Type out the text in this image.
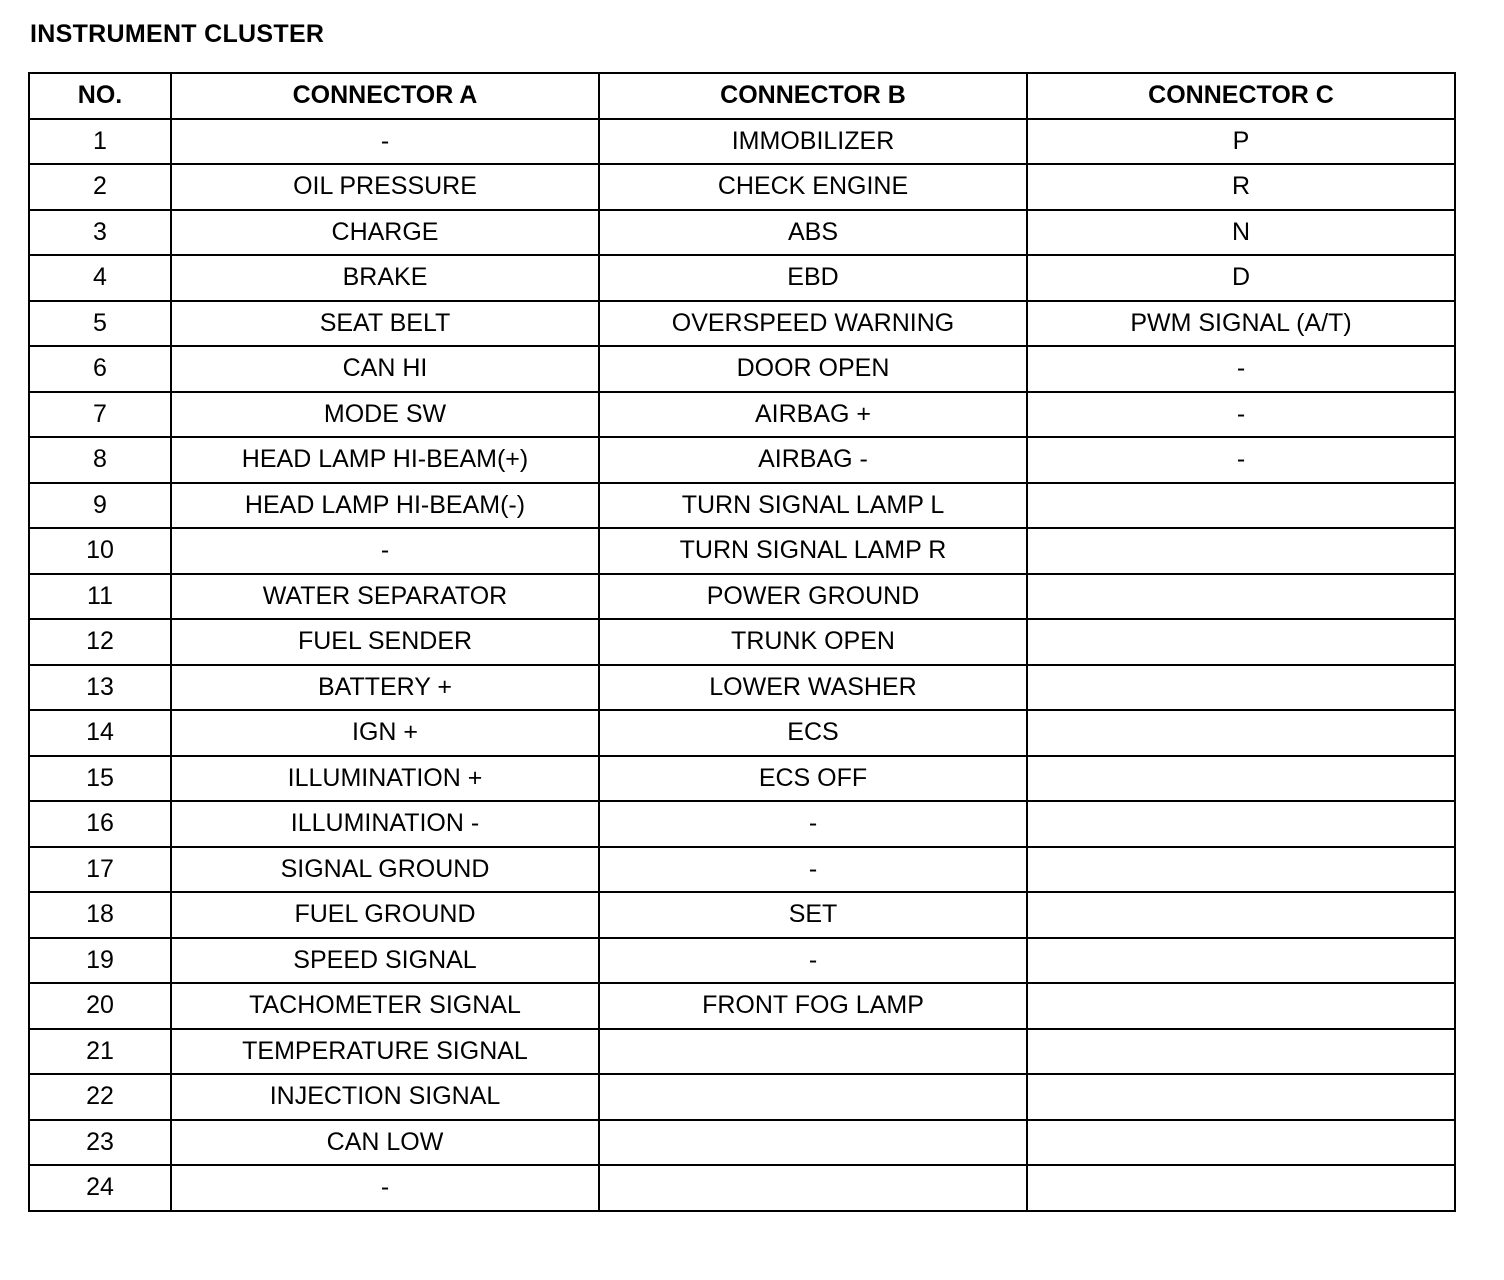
INSTRUMENT CLUSTER
NO.	CONNECTOR A	CONNECTOR B	CONNECTOR C
1	-	IMMOBILIZER	P
2	OIL PRESSURE	CHECK ENGINE	R
3	CHARGE	ABS	N
4	BRAKE	EBD	D
5	SEAT BELT	OVERSPEED WARNING	PWM SIGNAL (A/T)
6	CAN HI	DOOR OPEN	-
7	MODE SW	AIRBAG +	-
8	HEAD LAMP HI-BEAM(+)	AIRBAG -	-
9	HEAD LAMP HI-BEAM(-)	TURN SIGNAL LAMP L	
10	-	TURN SIGNAL LAMP R	
11	WATER SEPARATOR	POWER GROUND	
12	FUEL SENDER	TRUNK OPEN	
13	BATTERY +	LOWER WASHER	
14	IGN +	ECS	
15	ILLUMINATION +	ECS OFF	
16	ILLUMINATION -	-	
17	SIGNAL GROUND	-	
18	FUEL GROUND	SET	
19	SPEED SIGNAL	-	
20	TACHOMETER SIGNAL	FRONT FOG LAMP	
21	TEMPERATURE SIGNAL		
22	INJECTION SIGNAL		
23	CAN LOW		
24	-		
